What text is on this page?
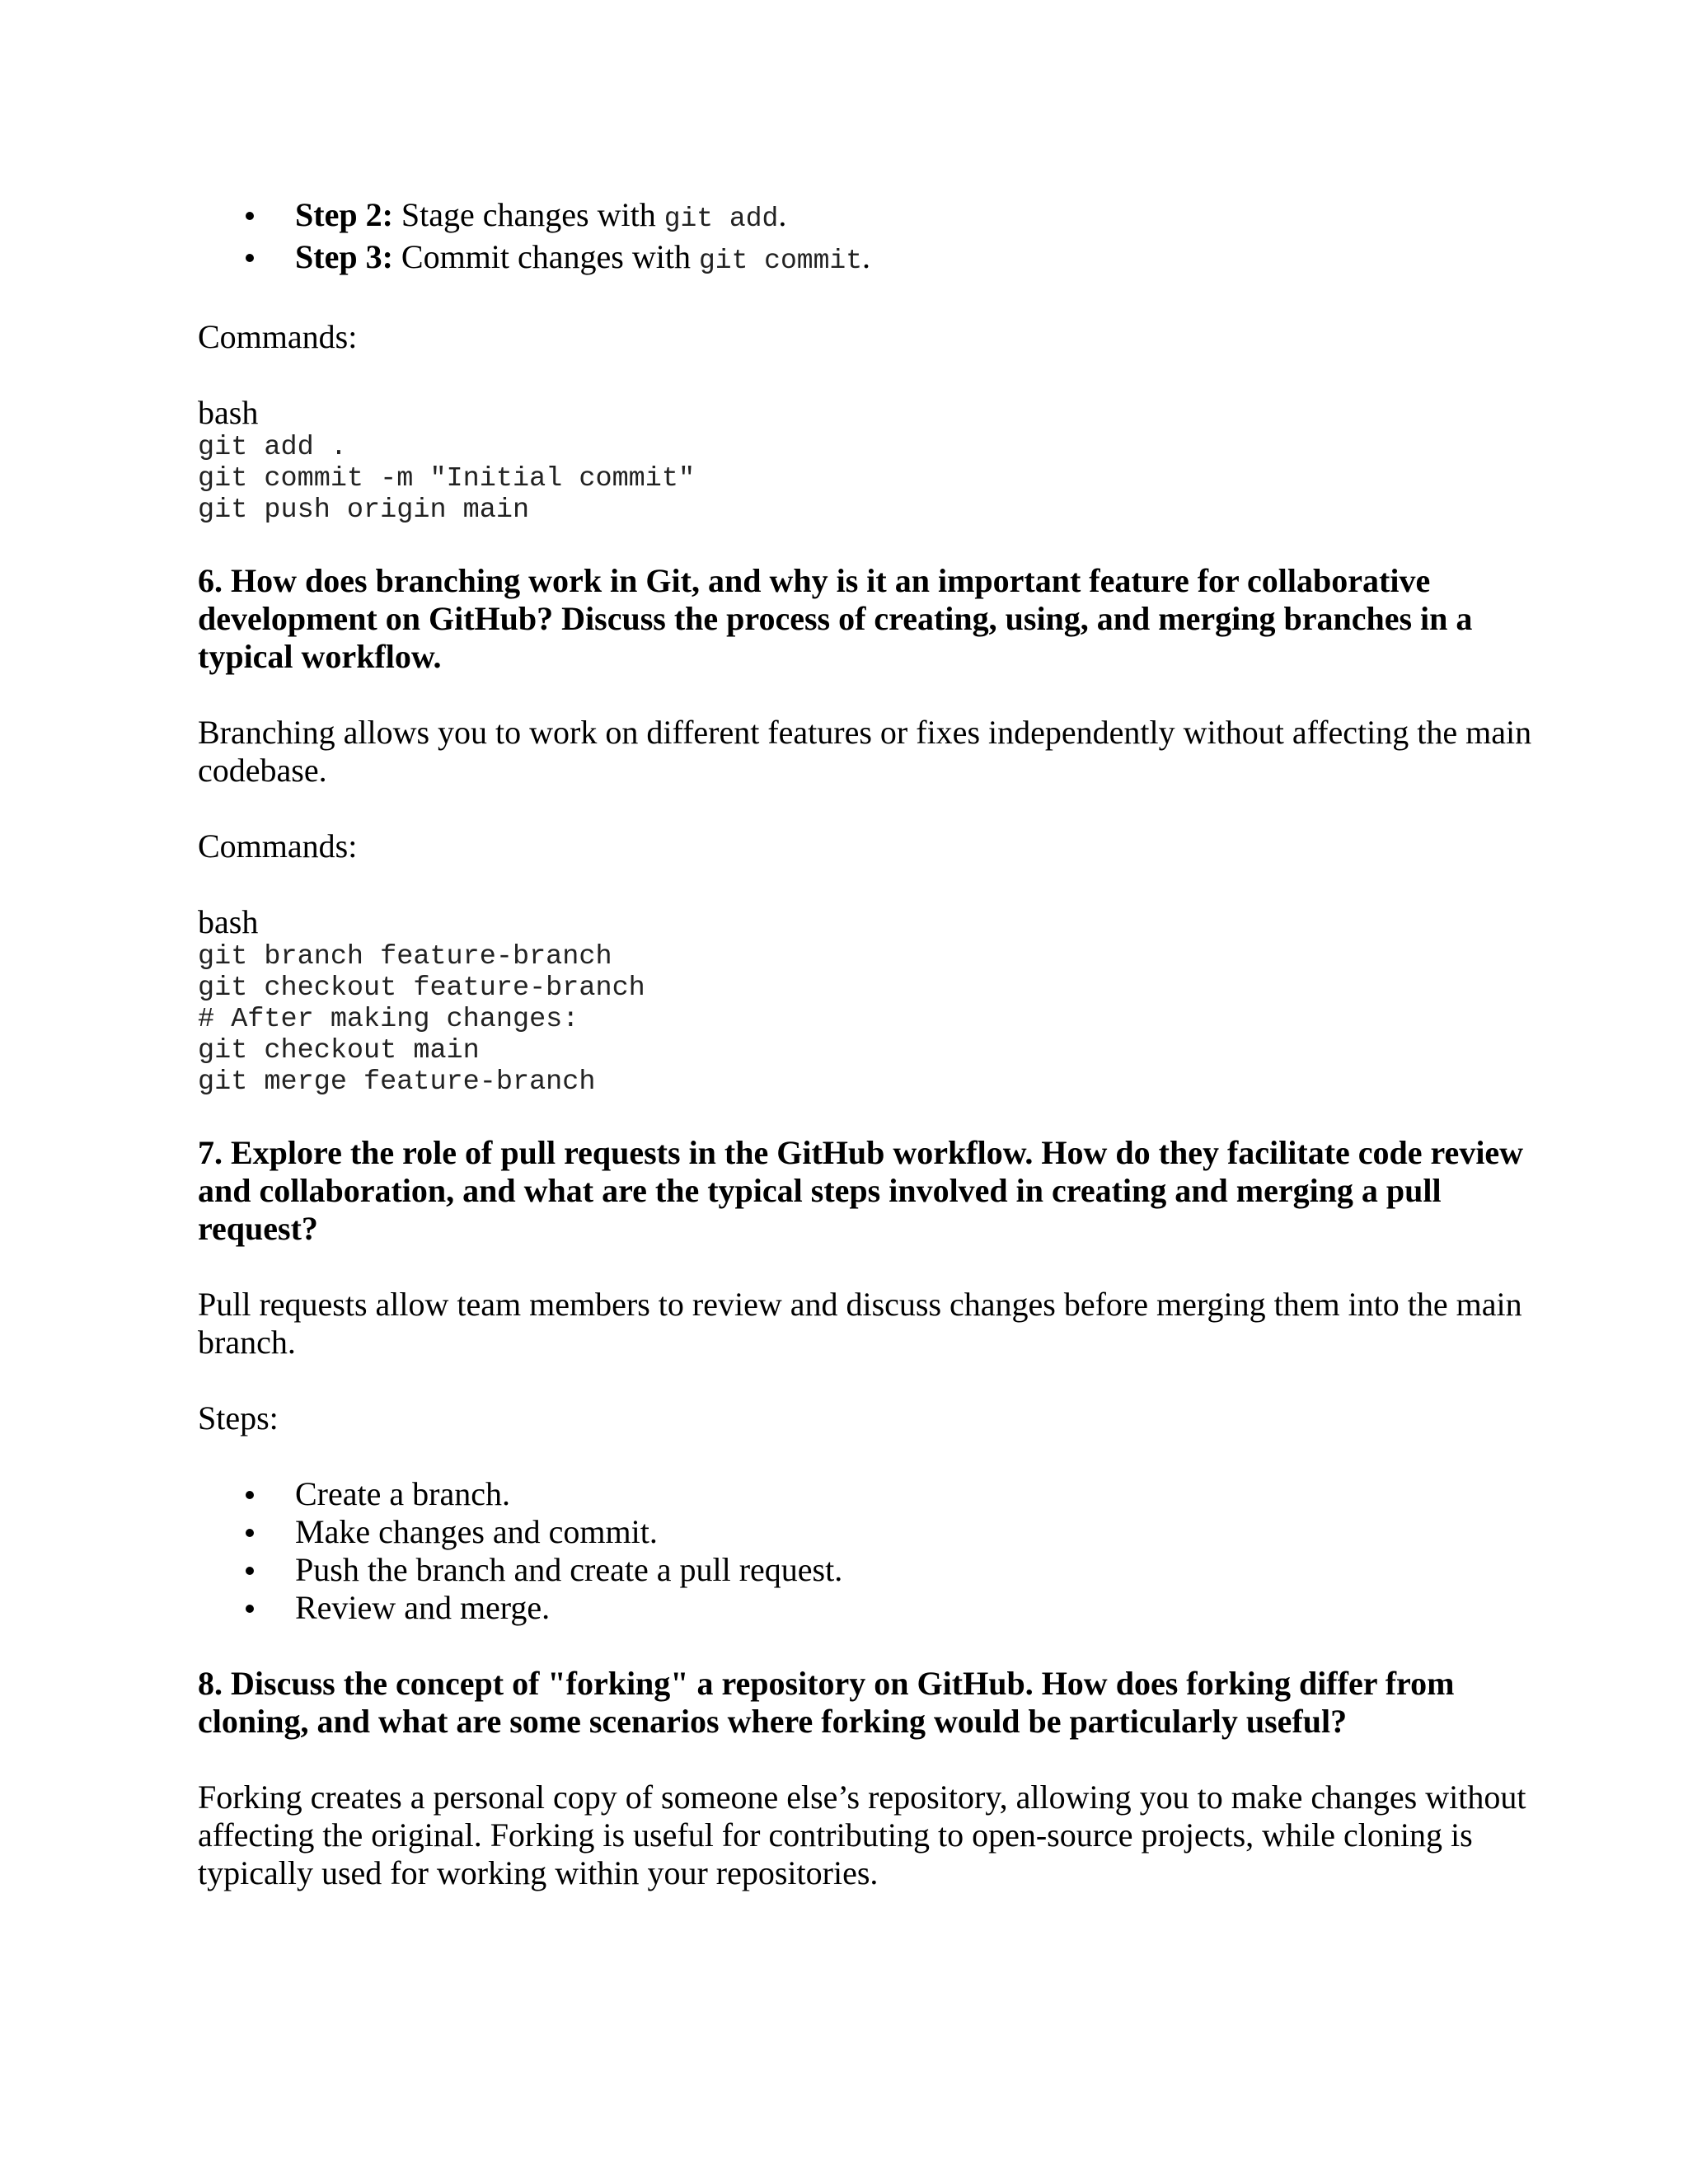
Step 2: Stage changes with git add.
Step 3: Commit changes with git commit.

Commands:

bash

git add .
git commit -m "Initial commit"
git push origin main

6. How does branching work in Git, and why is it an important feature for collaborative development on GitHub? Discuss the process of creating, using, and merging branches in a typical workflow.

Branching allows you to work on different features or fixes independently without affecting the main codebase.

Commands:

bash

git branch feature-branch
git checkout feature-branch
# After making changes:
git checkout main
git merge feature-branch

7. Explore the role of pull requests in the GitHub workflow. How do they facilitate code review and collaboration, and what are the typical steps involved in creating and merging a pull request?

Pull requests allow team members to review and discuss changes before merging them into the main branch.

Steps:

Create a branch.
Make changes and commit.
Push the branch and create a pull request.
Review and merge.

8. Discuss the concept of "forking" a repository on GitHub. How does forking differ from cloning, and what are some scenarios where forking would be particularly useful?

Forking creates a personal copy of someone else’s repository, allowing you to make changes without affecting the original. Forking is useful for contributing to open-source projects, while cloning is typically used for working within your repositories.
